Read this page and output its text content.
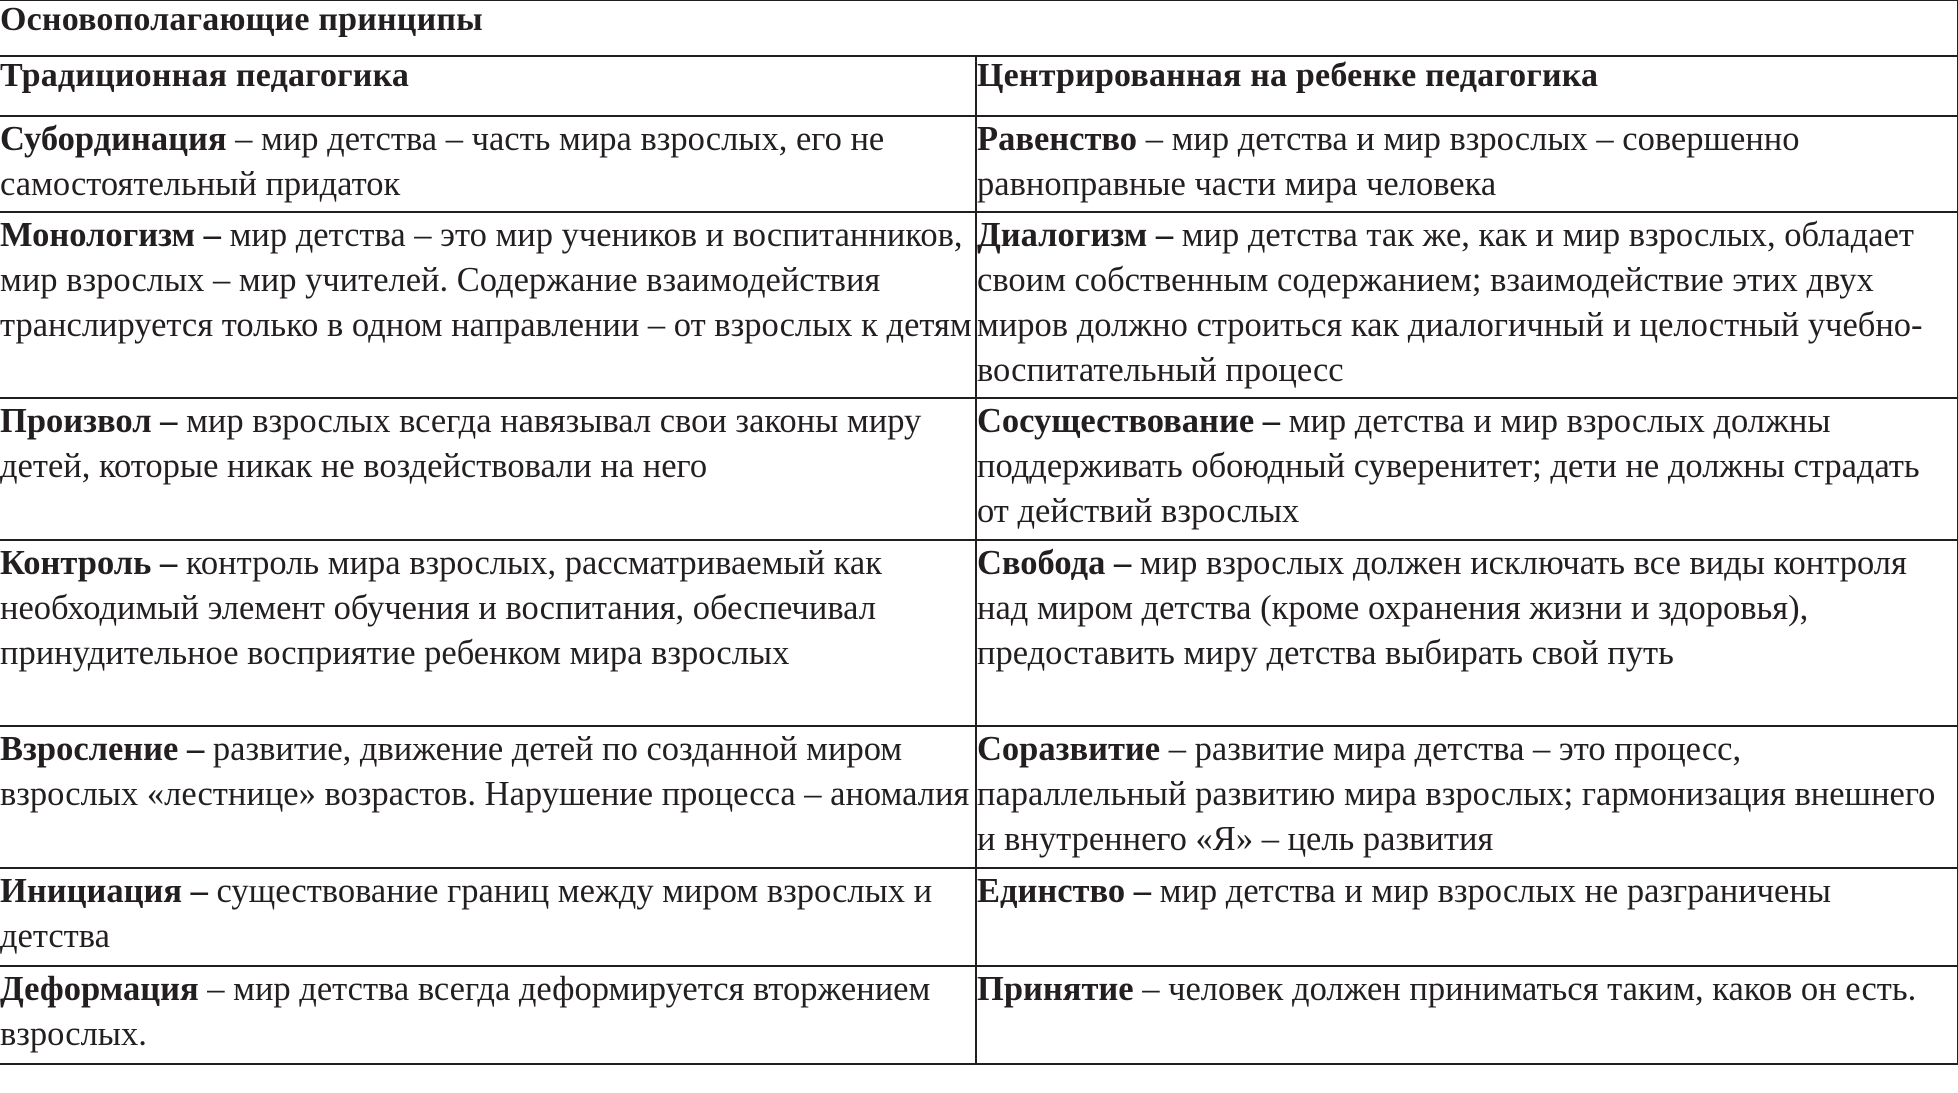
Основополагающие принципы	
Традиционная педагогика	Центрированная на ребенке педагогика
Субординация – мир детства – часть мира взрослых, его не самостоятельный придаток	Равенство – мир детства и мир взрослых – совершенно равноправные части мира человека
Монологизм – мир детства – это мир учеников и воспитанников, мир взрослых – мир учителей. Содержание взаимодействия транслируется только в одном направлении – от взрослых к детям	Диалогизм – мир детства так же, как и мир взрослых, обладает своим собственным содержанием; взаимодействие этих двух миров должно строиться как диалогичный и целостный учебно-воспитательный процесс
Произвол – мир взрослых всегда навязывал свои законы миру детей, которые никак не воздействовали на него	Сосуществование – мир детства и мир взрослых должны поддерживать обоюдный суверенитет; дети не должны страдать от действий взрослых
Контроль – контроль мира взрослых, рассматриваемый как необходимый элемент обучения и воспитания, обеспечивал принудительное восприятие ребенком мира взрослых	Свобода – мир взрослых должен исключать все виды контроля над миром детства (кроме охранения жизни и здоровья), предоставить миру детства выбирать свой путь
Взросление – развитие, движение детей по созданной миром взрослых «лестнице» возрастов. Нарушение процесса – аномалия	Соразвитие – развитие мира детства – это процесс, параллельный развитию мира взрослых; гармонизация внешнего и внутреннего «Я» – цель развития
Инициация – существование границ между миром взрослых и детства	Единство – мир детства и мир взрослых не разграничены
Деформация – мир детства всегда деформируется вторжением взрослых.	Принятие – человек должен приниматься таким, каков он есть.
